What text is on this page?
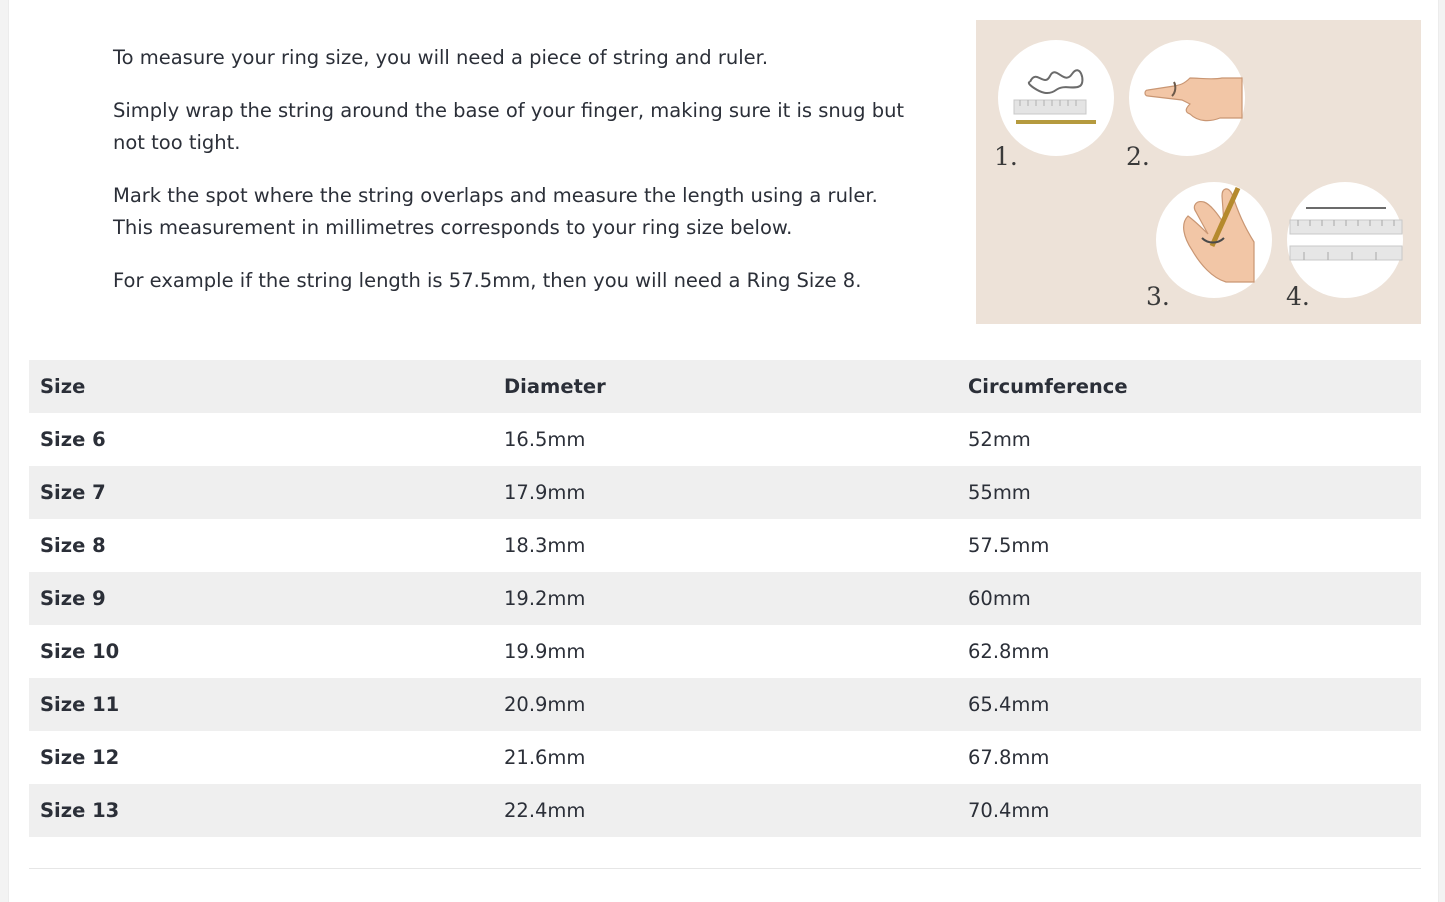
To measure your ring size, you will need a piece of string and ruler.

Simply wrap the string around the base of your finger, making sure it is snug but not too tight.

Mark the spot where the string overlaps and measure the length using a ruler. This measurement in millimetres corresponds to your ring size below.

For example if the string length is 57.5mm, then you will need a Ring Size 8.

1.	2.
3.	4.
Size	Diameter	Circumference
Size 6	16.5mm	52mm
Size 7	17.9mm	55mm
Size 8	18.3mm	57.5mm
Size 9	19.2mm	60mm
Size 10	19.9mm	62.8mm
Size 11	20.9mm	65.4mm
Size 12	21.6mm	67.8mm
Size 13	22.4mm	70.4mm
